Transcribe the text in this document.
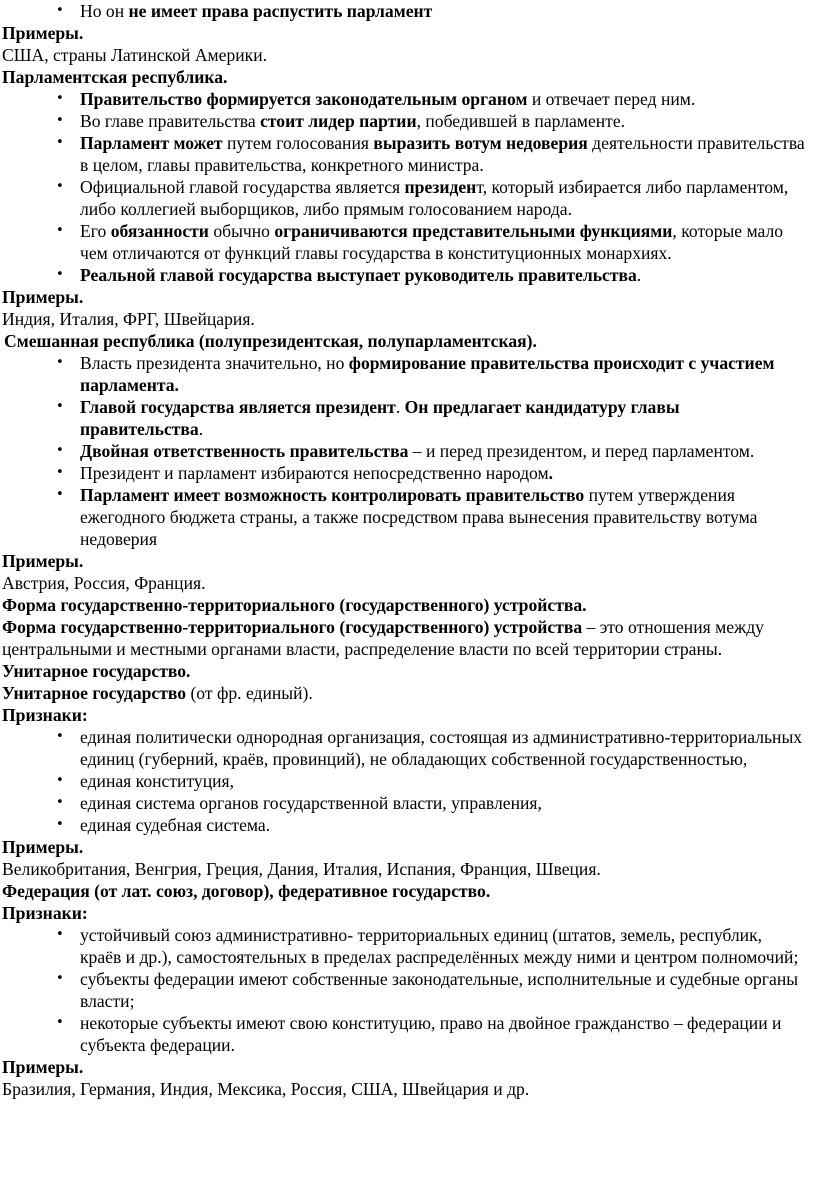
• Но он не имеет права распустить парламент

Примеры.

США, страны Латинской Америки.

Парламентская республика.

• Правительство формируется законодательным органом и отвечает перед ним.
• Во главе правительства стоит лидер партии, победившей в парламенте.
• Парламент может путем голосования выразить вотум недоверия деятельности правительства в целом, главы правительства, конкретного министра.
• Официальной главой государства является президент, который избирается либо парламентом, либо коллегией выборщиков, либо прямым голосованием народа.
• Его обязанности обычно ограничиваются представительными функциями, которые мало чем отличаются от функций главы государства в конституционных монархиях.
• Реальной главой государства выступает руководитель правительства.

Примеры.

Индия, Италия, ФРГ, Швейцария.

Смешанная республика (полупрезидентская, полупарламентская).

• Власть президента значительно, но формирование правительства происходит с участием парламента.
• Главой государства является президент. Он предлагает кандидатуру главы правительства.
• Двойная ответственность правительства – и перед президентом, и перед парламентом.
• Президент и парламент избираются непосредственно народом.
• Парламент имеет возможность контролировать правительство путем утверждения ежегодного бюджета страны, а также посредством права вынесения правительству вотума недоверия

Примеры.

Австрия, Россия, Франция.

Форма государственно-территориального (государственного) устройства.

Форма государственно-территориального (государственного) устройства – это отношения между центральными и местными органами власти, распределение власти по всей территории страны.

Унитарное государство.

Унитарное государство (от фр. единый).

Признаки:

• единая политически однородная организация, состоящая из административно-территориальных единиц (губерний, краёв, провинций), не обладающих собственной государственностью,
• единая конституция,
• единая система органов государственной власти, управления,
• единая судебная система.

Примеры.

Великобритания, Венгрия, Греция, Дания, Италия, Испания, Франция, Швеция.

Федерация (от лат. союз, договор), федеративное государство.

Признаки:

• устойчивый союз административно- территориальных единиц (штатов, земель, республик, краёв и др.), самостоятельных в пределах распределённых между ними и центром полномочий;
• субъекты федерации имеют собственные законодательные, исполнительные и судебные органы власти;
• некоторые субъекты имеют свою конституцию, право на двойное гражданство – федерации и субъекта федерации.

Примеры.

Бразилия, Германия, Индия, Мексика, Россия, США, Швейцария и др.
